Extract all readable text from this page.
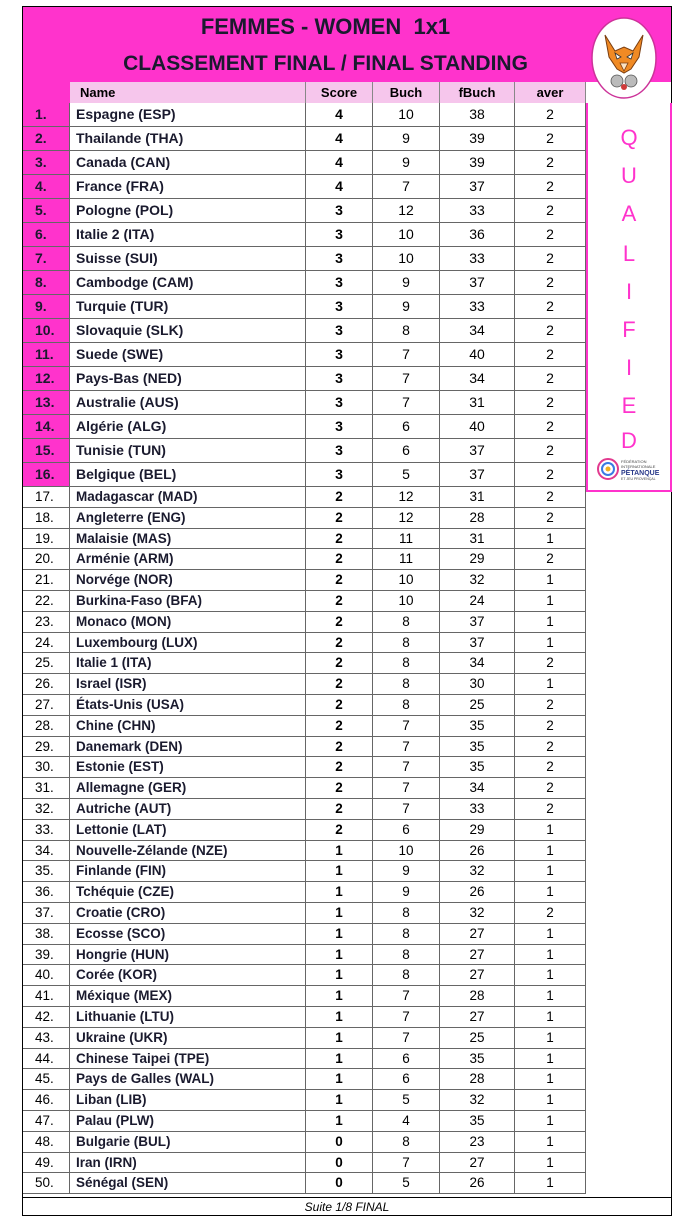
FEMMES - WOMEN  1x1
CLASSEMENT FINAL / FINAL STANDING
Name	Score	Buch	fBuch	aver
1.	Espagne (ESP)	4	10	38	2
2.	Thailande (THA)	4	9	39	2
3.	Canada (CAN)	4	9	39	2
4.	France (FRA)	4	7	37	2
5.	Pologne (POL)	3	12	33	2
6.	Italie 2 (ITA)	3	10	36	2
7.	Suisse (SUI)	3	10	33	2
8.	Cambodge (CAM)	3	9	37	2
9.	Turquie (TUR)	3	9	33	2
10.	Slovaquie (SLK)	3	8	34	2
11.	Suede (SWE)	3	7	40	2
12.	Pays-Bas (NED)	3	7	34	2
13.	Australie (AUS)	3	7	31	2
14.	Algérie (ALG)	3	6	40	2
15.	Tunisie (TUN)	3	6	37	2
16.	Belgique (BEL)	3	5	37	2
17.	Madagascar (MAD)	2	12	31	2
18.	Angleterre (ENG)	2	12	28	2
19.	Malaisie (MAS)	2	11	31	1
20.	Arménie (ARM)	2	11	29	2
21.	Norvége (NOR)	2	10	32	1
22.	Burkina-Faso (BFA)	2	10	24	1
23.	Monaco (MON)	2	8	37	1
24.	Luxembourg (LUX)	2	8	37	1
25.	Italie 1 (ITA)	2	8	34	2
26.	Israel (ISR)	2	8	30	1
27.	États-Unis (USA)	2	8	25	2
28.	Chine (CHN)	2	7	35	2
29.	Danemark (DEN)	2	7	35	2
30.	Estonie (EST)	2	7	35	2
31.	Allemagne (GER)	2	7	34	2
32.	Autriche (AUT)	2	7	33	2
33.	Lettonie (LAT)	2	6	29	1
34.	Nouvelle-Zélande (NZE)	1	10	26	1
35.	Finlande (FIN)	1	9	32	1
36.	Tchéquie (CZE)	1	9	26	1
37.	Croatie (CRO)	1	8	32	2
38.	Ecosse (SCO)	1	8	27	1
39.	Hongrie (HUN)	1	8	27	1
40.	Corée (KOR)	1	8	27	1
41.	Méxique (MEX)	1	7	28	1
42.	Lithuanie (LTU)	1	7	27	1
43.	Ukraine (UKR)	1	7	25	1
44.	Chinese Taipei (TPE)	1	6	35	1
45.	Pays de Galles (WAL)	1	6	28	1
46.	Liban (LIB)	1	5	32	1
47.	Palau (PLW)	1	4	35	1
48.	Bulgarie (BUL)	0	8	23	1
49.	Iran (IRN)	0	7	27	1
50.	Sénégal (SEN)	0	5	26	1
Q
U
A
L
I
F
I
E
D
FÉDÉRATION
INTERNATIONALE
PÉTANQUE
ET JEU PROVENÇAL
Suite 1/8 FINAL
